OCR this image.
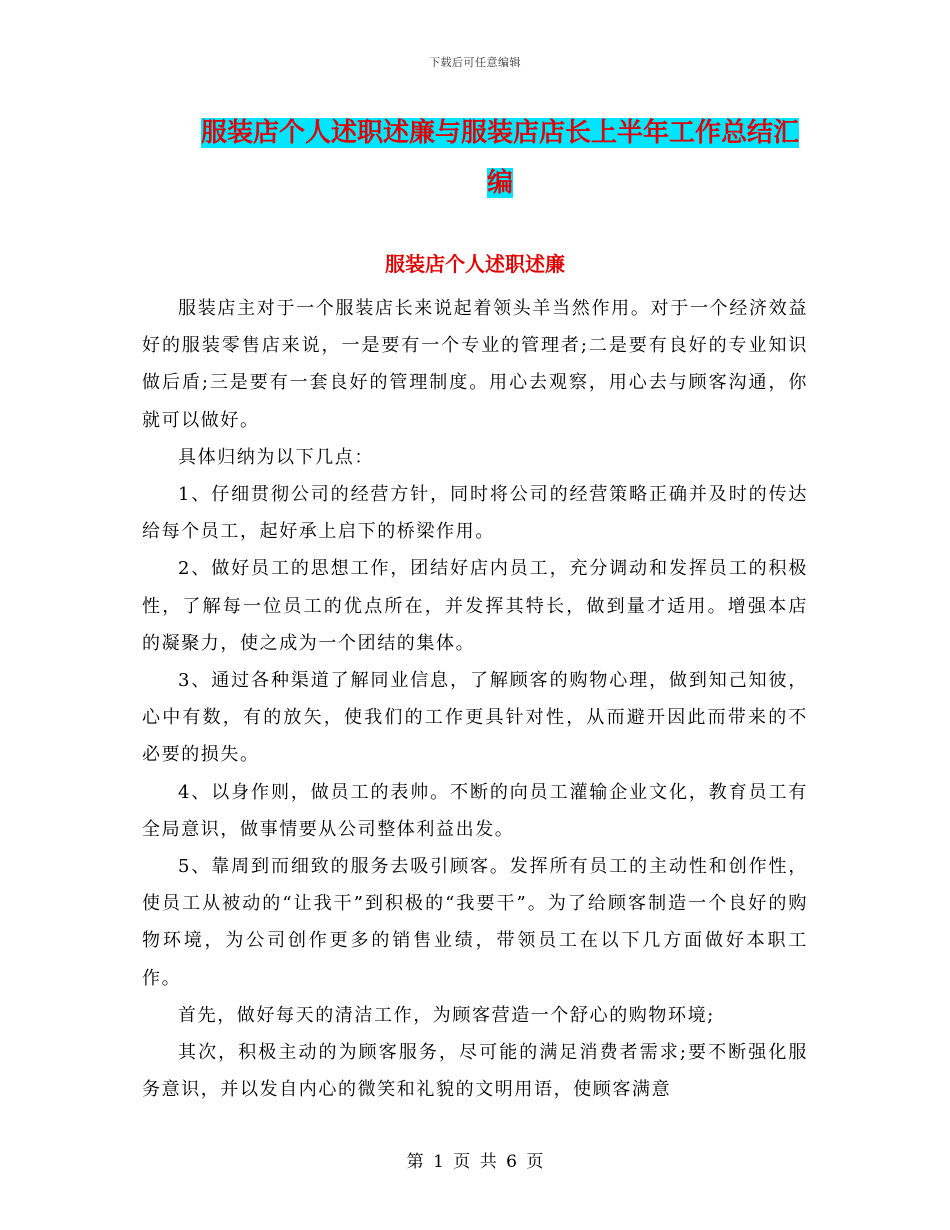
下载后可任意编辑
服装店个人述职述廉与服装店店长上半年工作总结汇
编
服装店个人述职述廉

服装店主对于一个服装店长来说起着领头羊当然作用。对于一个经济效益好的服装零售店来说，一是要有一个专业的管理者;二是要有良好的专业知识做后盾;三是要有一套良好的管理制度。用心去观察，用心去与顾客沟通，你就可以做好。

具体归纳为以下几点：

1、仔细贯彻公司的经营方针，同时将公司的经营策略正确并及时的传达给每个员工，起好承上启下的桥梁作用。

2、做好员工的思想工作，团结好店内员工，充分调动和发挥员工的积极性，了解每一位员工的优点所在，并发挥其特长，做到量才适用。增强本店的凝聚力，使之成为一个团结的集体。

3、通过各种渠道了解同业信息，了解顾客的购物心理，做到知己知彼，心中有数，有的放矢，使我们的工作更具针对性，从而避开因此而带来的不必要的损失。

4、以身作则，做员工的表帅。不断的向员工灌输企业文化，教育员工有全局意识，做事情要从公司整体利益出发。

5、靠周到而细致的服务去吸引顾客。发挥所有员工的主动性和创作性，使员工从被动的“让我干”到积极的“我要干”。为了给顾客制造一个良好的购物环境，为公司创作更多的销售业绩，带领员工在以下几方面做好本职工作。

首先，做好每天的清洁工作，为顾客营造一个舒心的购物环境;

其次，积极主动的为顾客服务，尽可能的满足消费者需求;要不断强化服务意识，并以发自内心的微笑和礼貌的文明用语，使顾客满意

第 1 页 共 6 页
